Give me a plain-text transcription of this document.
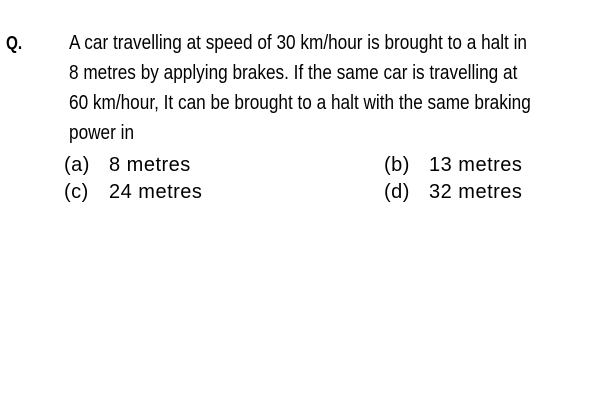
Q. A car travelling at speed of 30 km/hour is brought to a halt in
8 metres by applying brakes. If the same car is travelling at
60 km/hour, It can be brought to a halt with the same braking
power in
(a) 8 metres	(b) 13 metres
(c) 24 metres	(d) 32 metres
